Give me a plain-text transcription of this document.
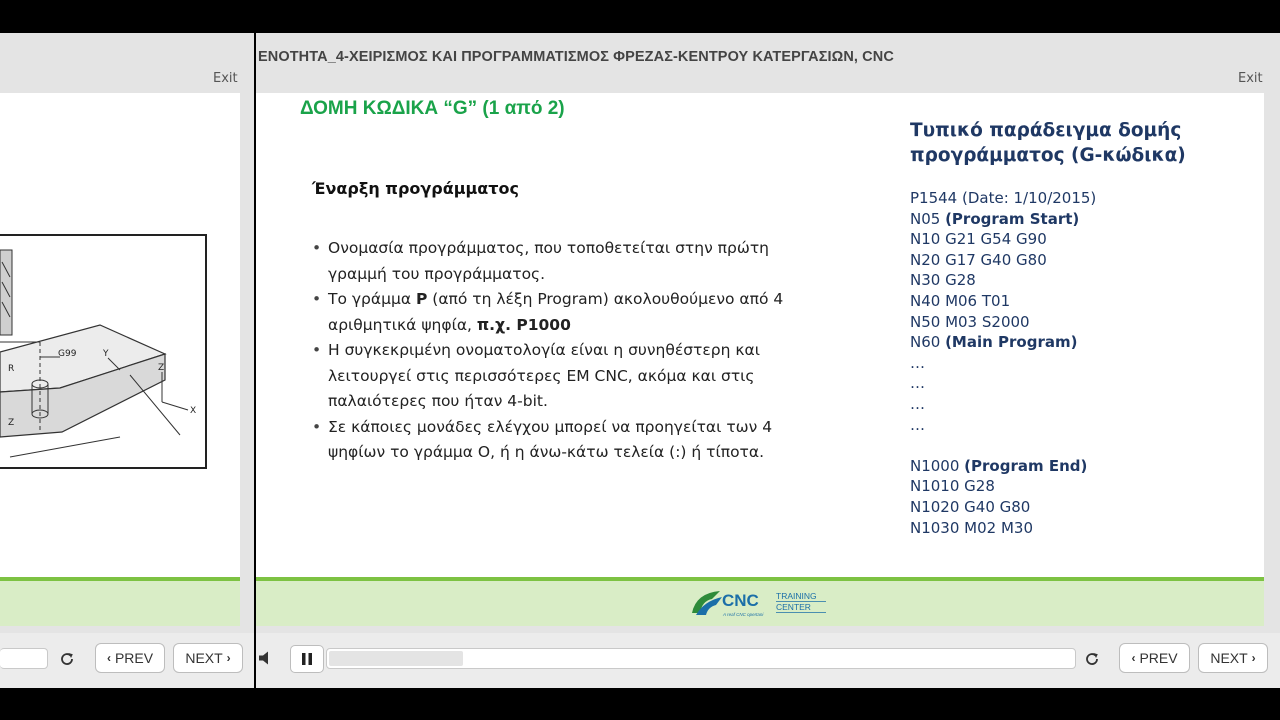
Exit
G99
R
Z
Z
X
Y
‹ PREV NEXT ›
ΕΝΟΤΗΤΑ_4-ΧΕΙΡΙΣΜΟΣ ΚΑΙ ΠΡΟΓΡΑΜΜΑΤΙΣΜΟΣ ΦΡΕΖΑΣ-ΚΕΝΤΡΟΥ ΚΑΤΕΡΓΑΣΙΩΝ, CNC
Exit
ΔΟΜΗ ΚΩΔΙΚΑ “G” (1 από 2)
Έναρξη προγράμματος
• Ονομασία προγράμματος, που τοποθετείται στην πρώτη
γραμμή του προγράμματος.
• Το γράμμα P (από τη λέξη Program) ακολουθούμενο από 4
αριθμητικά ψηφία, π.χ. P1000
• Η συγκεκριμένη ονοματολογία είναι η συνηθέστερη και
λειτουργεί στις περισσότερες ΕΜ CNC, ακόμα και στις
παλαιότερες που ήταν 4-bit.
• Σε κάποιες μονάδες ελέγχου μπορεί να προηγείται των 4
ψηφίων το γράμμα Ο, ή η άνω-κάτω τελεία (:) ή τίποτα.
Τυπικό παράδειγμα δομής
προγράμματος (G-κώδικα)
P1544 (Date: 1/10/2015)
N05 (Program Start)
N10 G21 G54 G90
N20 G17 G40 G80
N30 G28
N40 M06 T01
N50 M03 S2000
N60 (Main Program)
…
…
…
…
N1000 (Program End)
N1010 G28
N1020 G40 G80
N1030 M02 M30
CNC TRAINING
CENTER
A reaf CNC opertani
‹ PREV NEXT ›
